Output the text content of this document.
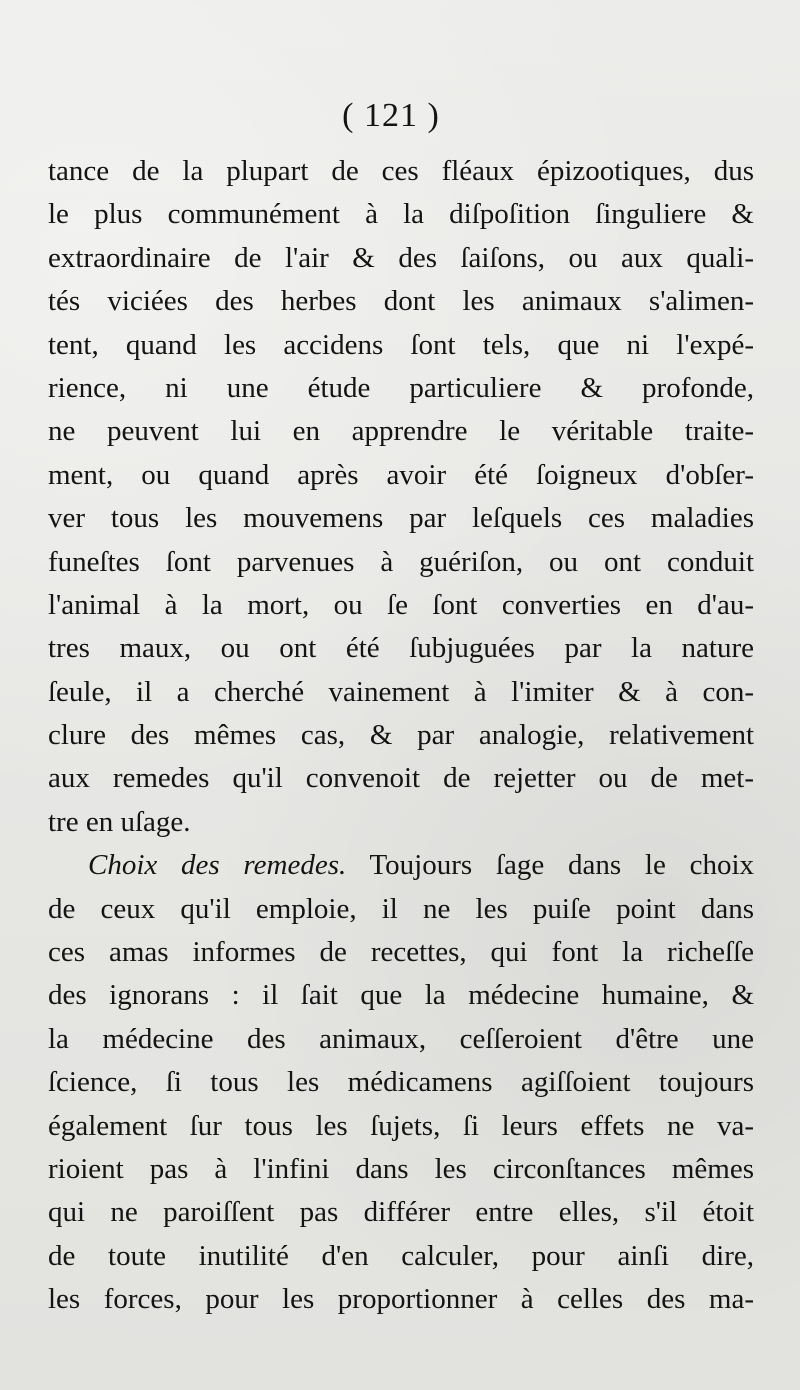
( 121 )
tance de la plupart de ces fléaux épizootiques, dus
le plus communément à la diſpoſition ſinguliere &
extraordinaire de l'air & des ſaiſons, ou aux quali-
tés viciées des herbes dont les animaux s'alimen-
tent, quand les accidens ſont tels, que ni l'expé-
rience, ni une étude particuliere & profonde,
ne peuvent lui en apprendre le véritable traite-
ment, ou quand après avoir été ſoigneux d'obſer-
ver tous les mouvemens par leſquels ces maladies
funeſtes ſont parvenues à guériſon, ou ont conduit
l'animal à la mort, ou ſe ſont converties en d'au-
tres maux, ou ont été ſubjuguées par la nature
ſeule, il a cherché vainement à l'imiter & à con-
clure des mêmes cas, & par analogie, relativement
aux remedes qu'il convenoit de rejetter ou de met-
tre en uſage.
Choix des remedes. Toujours ſage dans le choix
de ceux qu'il emploie, il ne les puiſe point dans
ces amas informes de recettes, qui font la richeſſe
des ignorans : il ſait que la médecine humaine, &
la médecine des animaux, ceſſeroient d'être une
ſcience, ſi tous les médicamens agiſſoient toujours
également ſur tous les ſujets, ſi leurs effets ne va-
rioient pas à l'infini dans les circonſtances mêmes
qui ne paroiſſent pas différer entre elles, s'il étoit
de toute inutilité d'en calculer, pour ainſi dire,
les forces, pour les proportionner à celles des ma-
